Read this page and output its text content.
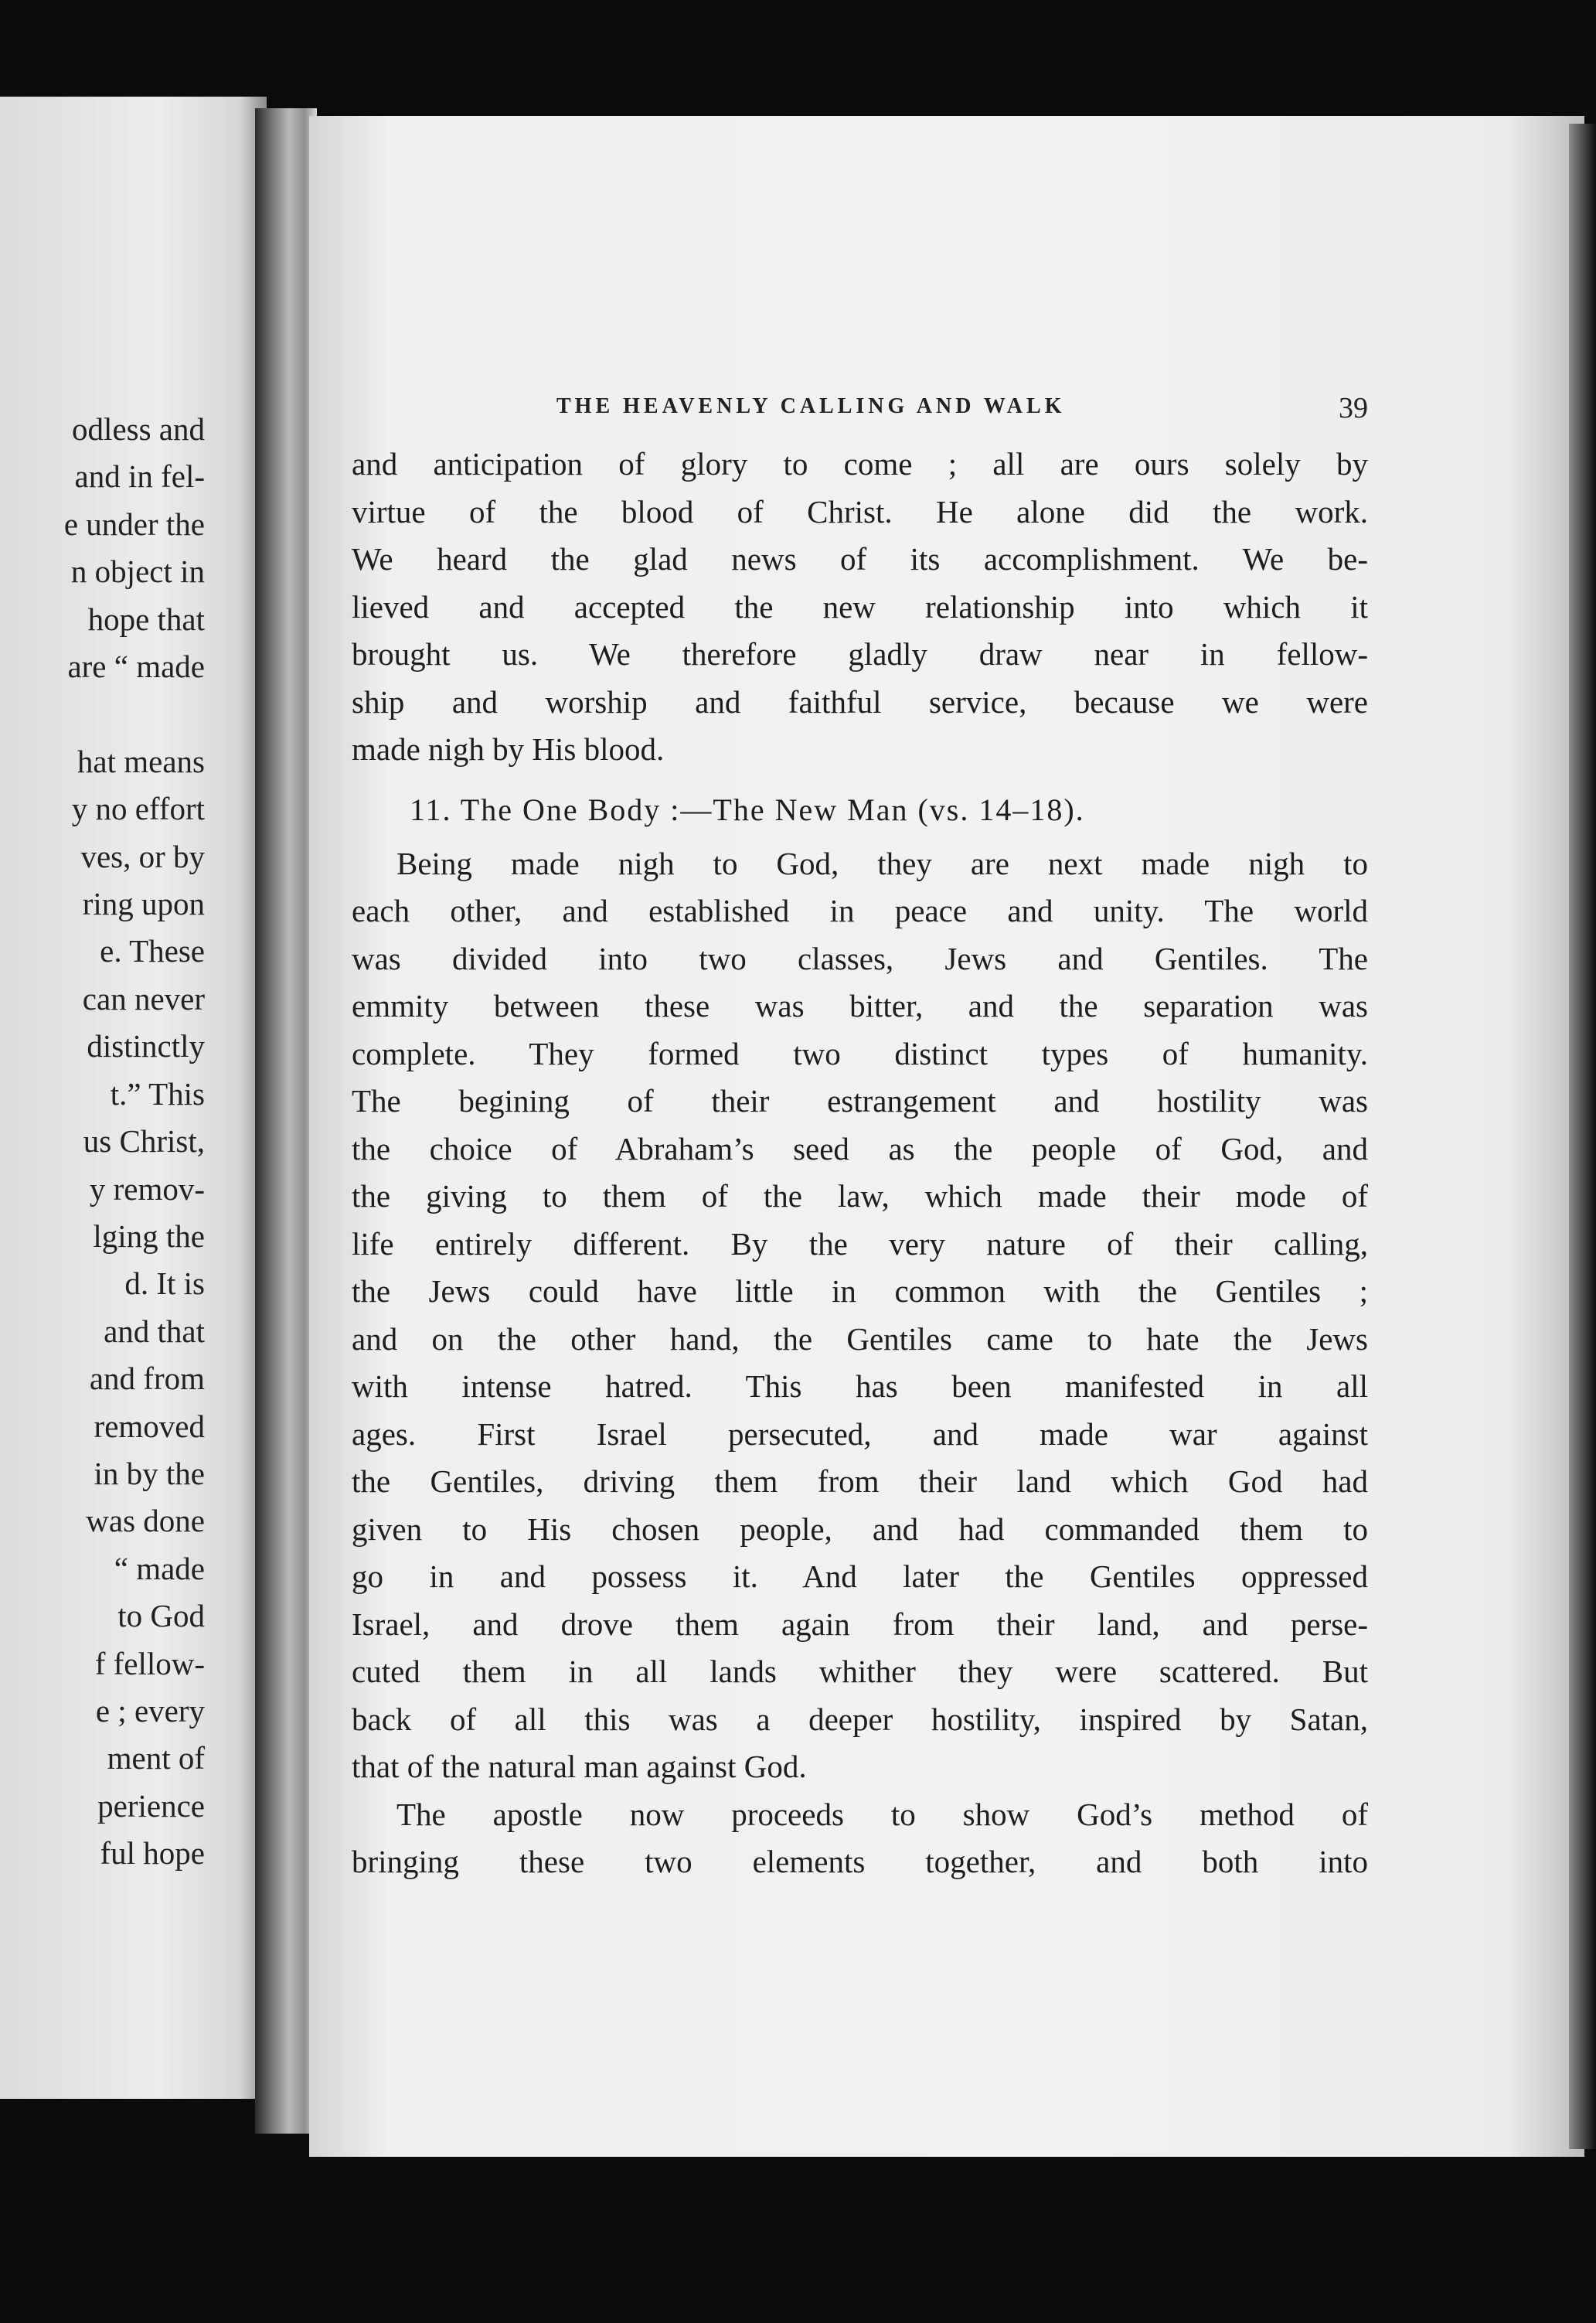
odless and
and in fel-
e under the
n object in
hope that
are “ made

hat means
y no effort
ves, or by
ring upon
e. These
can never
distinctly
t.” This
us Christ,
y remov-
lging the
d. It is
and that
and from
removed
in by the
was done
“ made
to God
f fellow-
e ; every
ment of
perience
ful hope
THE HEAVENLY CALLING AND WALK	39
and anticipation of glory to come ; all are ours solely by
virtue of the blood of Christ. He alone did the work.
We heard the glad news of its accomplishment. We be-
lieved and accepted the new relationship into which it
brought us. We therefore gladly draw near in fellow-
ship and worship and faithful service, because we were
made nigh by His blood.
11. The One Body :—The New Man (vs. 14–18).
Being made nigh to God, they are next made nigh to
each other, and established in peace and unity. The world
was divided into two classes, Jews and Gentiles. The
emmity between these was bitter, and the separation was
complete. They formed two distinct types of humanity.
The begining of their estrangement and hostility was
the choice of Abraham’s seed as the people of God, and
the giving to them of the law, which made their mode of
life entirely different. By the very nature of their calling,
the Jews could have little in common with the Gentiles ;
and on the other hand, the Gentiles came to hate the Jews
with intense hatred. This has been manifested in all
ages. First Israel persecuted, and made war against
the Gentiles, driving them from their land which God had
given to His chosen people, and had commanded them to
go in and possess it. And later the Gentiles oppressed
Israel, and drove them again from their land, and perse-
cuted them in all lands whither they were scattered. But
back of all this was a deeper hostility, inspired by Satan,
that of the natural man against God.
The apostle now proceeds to show God’s method of
bringing these two elements together, and both into
